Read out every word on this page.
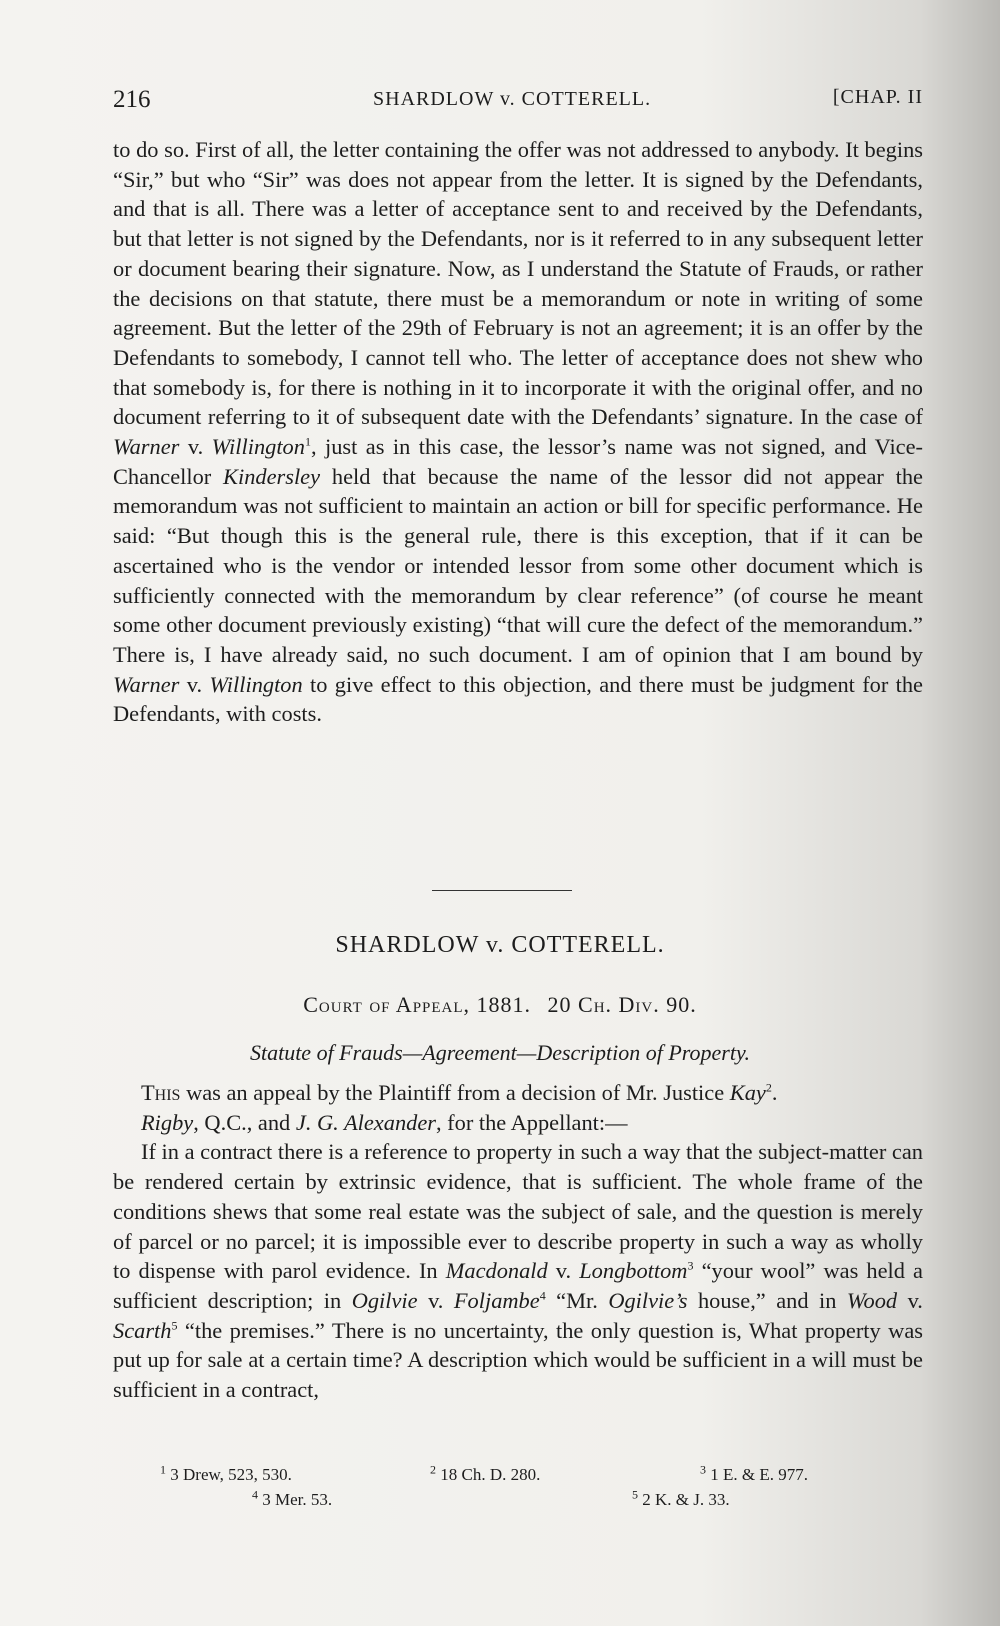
216	SHARDLOW v. COTTERELL.	[CHAP. II

to do so. First of all, the letter containing the offer was not addressed to anybody. It begins “Sir,” but who “Sir” was does not appear from the letter. It is signed by the Defendants, and that is all. There was a letter of acceptance sent to and received by the Defendants, but that letter is not signed by the Defendants, nor is it referred to in any subsequent letter or document bearing their signature. Now, as I understand the Statute of Frauds, or rather the decisions on that statute, there must be a memorandum or note in writing of some agreement. But the letter of the 29th of February is not an agreement; it is an offer by the Defendants to somebody, I cannot tell who. The letter of acceptance does not shew who that somebody is, for there is nothing in it to incorporate it with the original offer, and no document referring to it of subsequent date with the Defendants’ signature. In the case of Warner v. Willington$^1$, just as in this case, the lessor’s name was not signed, and Vice-Chancellor Kindersley held that because the name of the lessor did not appear the memorandum was not sufficient to maintain an action or bill for specific performance. He said: “But though this is the general rule, there is this exception, that if it can be ascertained who is the vendor or intended lessor from some other document which is sufficiently connected with the memorandum by clear reference” (of course he meant some other document previously existing) “that will cure the defect of the memorandum.” There is, I have already said, no such document. I am of opinion that I am bound by Warner v. Willington to give effect to this objection, and there must be judgment for the Defendants, with costs.

SHARDLOW v. COTTERELL.
Court of Appeal, 1881. 20 Ch. Div. 90.
Statute of Frauds—Agreement—Description of Property.

This was an appeal by the Plaintiff from a decision of Mr. Justice Kay$^2$.

Rigby, Q.C., and J. G. Alexander, for the Appellant:—

If in a contract there is a reference to property in such a way that the subject-matter can be rendered certain by extrinsic evidence, that is sufficient. The whole frame of the conditions shews that some real estate was the subject of sale, and the question is merely of parcel or no parcel; it is impossible ever to describe property in such a way as wholly to dispense with parol evidence. In Macdonald v. Longbottom$^3$ “your wool” was held a sufficient description; in Ogilvie v. Foljambe$^4$ “Mr. Ogilvie’s house,” and in Wood v. Scarth$^5$ “the premises.” There is no uncertainty, the only question is, What property was put up for sale at a certain time? A description which would be sufficient in a will must be sufficient in a contract,

$^1$ 3 Drew, 523, 530.	$^2$ 18 Ch. D. 280.	$^3$ 1 E. & E. 977.
$^4$ 3 Mer. 53.	$^5$ 2 K. & J. 33.
